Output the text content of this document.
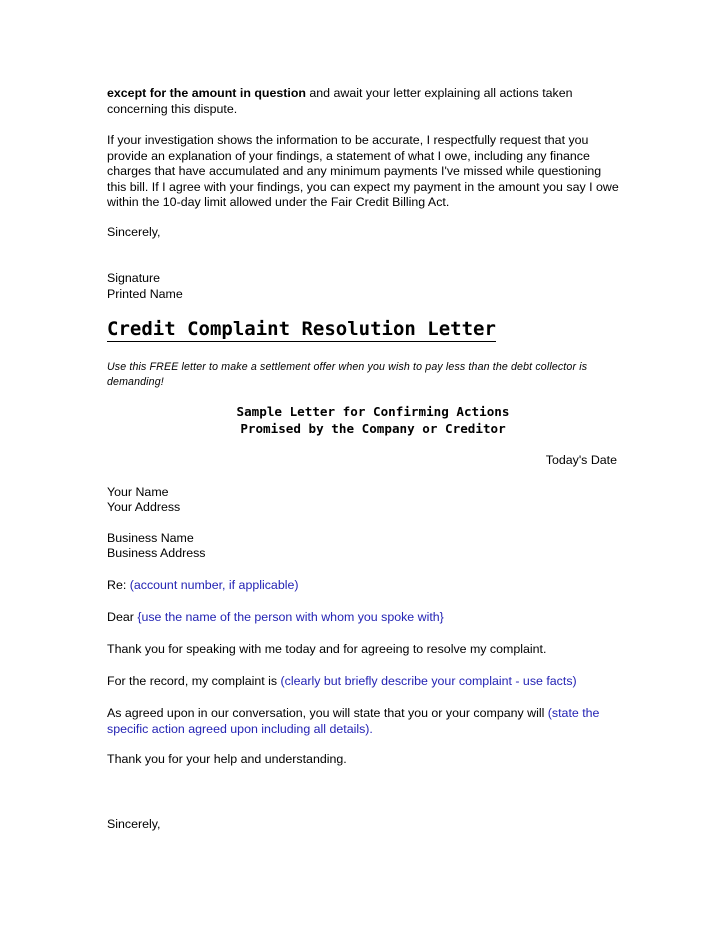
except for the amount in question and await your letter explaining all actions taken concerning this dispute.

If your investigation shows the information to be accurate, I respectfully request that you provide an explanation of your findings, a statement of what I owe, including any finance charges that have accumulated and any minimum payments I've missed while questioning this bill. If I agree with your findings, you can expect my payment in the amount you say I owe within the 10-day limit allowed under the Fair Credit Billing Act.

Sincerely,

Signature

Printed Name

Credit Complaint Resolution Letter
Use this FREE letter to make a settlement offer when you wish to pay less than the debt collector is demanding!
Sample Letter for Confirming Actions
Promised by the Company or Creditor
Today's Date

Your Name

Your Address

Business Name

Business Address

Re: (account number, if applicable)

Dear {use the name of the person with whom you spoke with}

Thank you for speaking with me today and for agreeing to resolve my complaint.

For the record, my complaint is (clearly but briefly describe your complaint - use facts)

As agreed upon in our conversation, you will state that you or your company will (state the specific action agreed upon including all details).

Thank you for your help and understanding.

Sincerely,
